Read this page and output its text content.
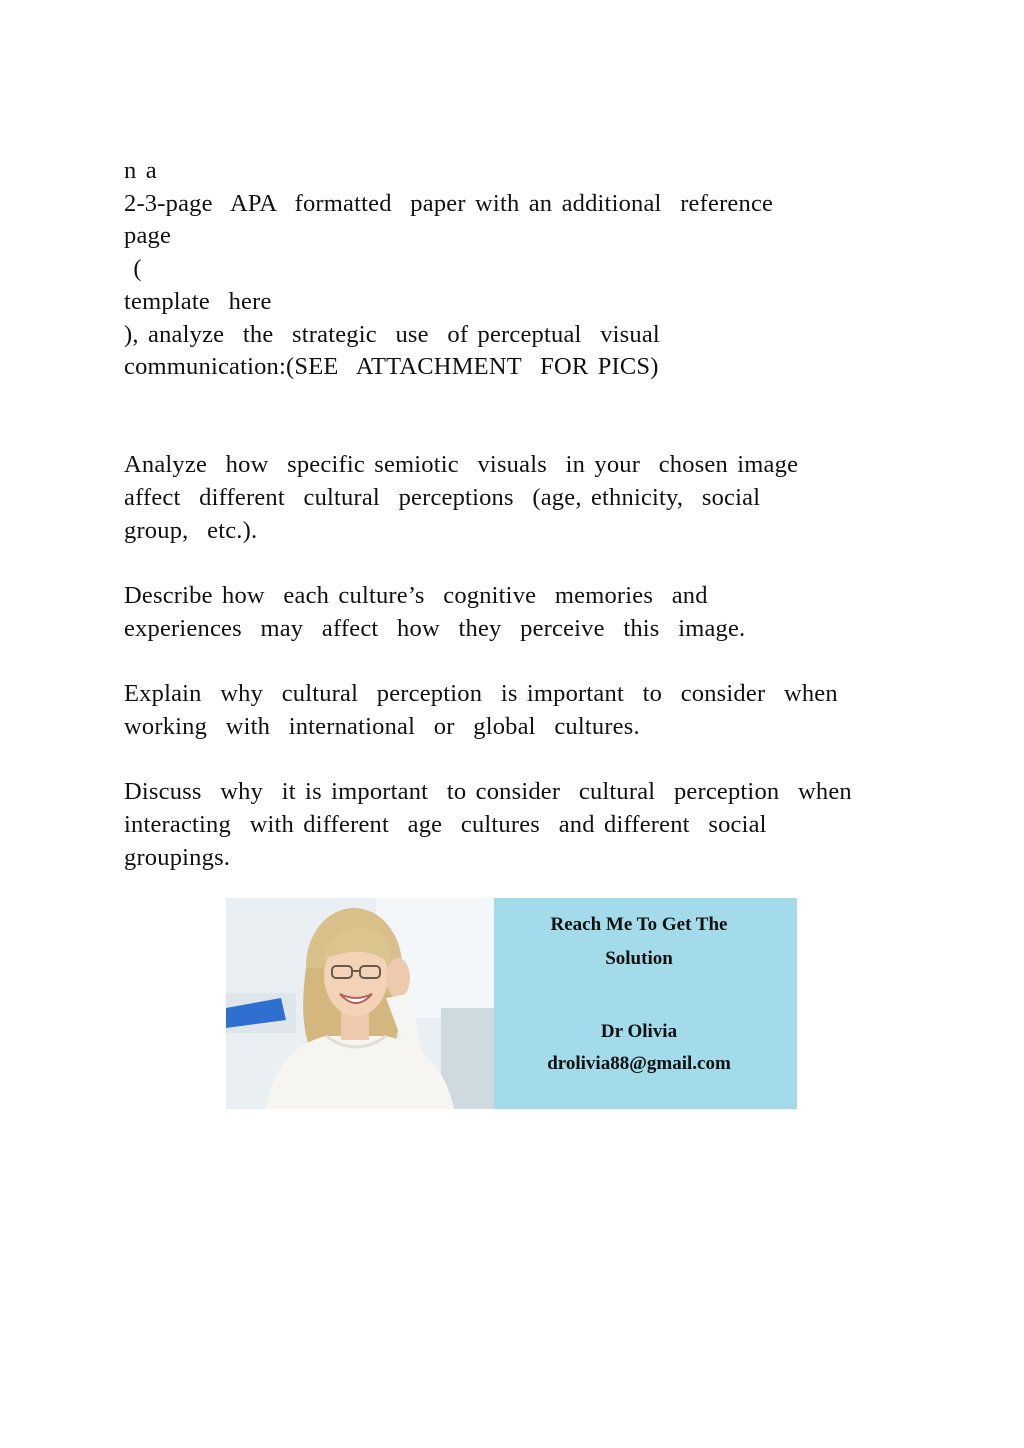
n a
2-3-page  APA  formatted  paper with an additional  reference
page
(
template  here
), analyze  the  strategic  use  of perceptual  visual
communication:(SEE  ATTACHMENT  FOR PICS)
Analyze  how  specific semiotic  visuals  in your  chosen image
affect  different  cultural  perceptions  (age, ethnicity,  social
group,  etc.).
Describe how  each culture’s  cognitive  memories  and
experiences  may  affect  how  they  perceive  this  image.
Explain  why  cultural  perception  is important  to  consider  when
working  with  international  or  global  cultures.
Discuss  why  it is important  to consider  cultural  perception  when
interacting  with different  age  cultures  and different  social
groupings.
Reach Me To Get The
Solution
Dr Olivia
drolivia88@gmail.com
